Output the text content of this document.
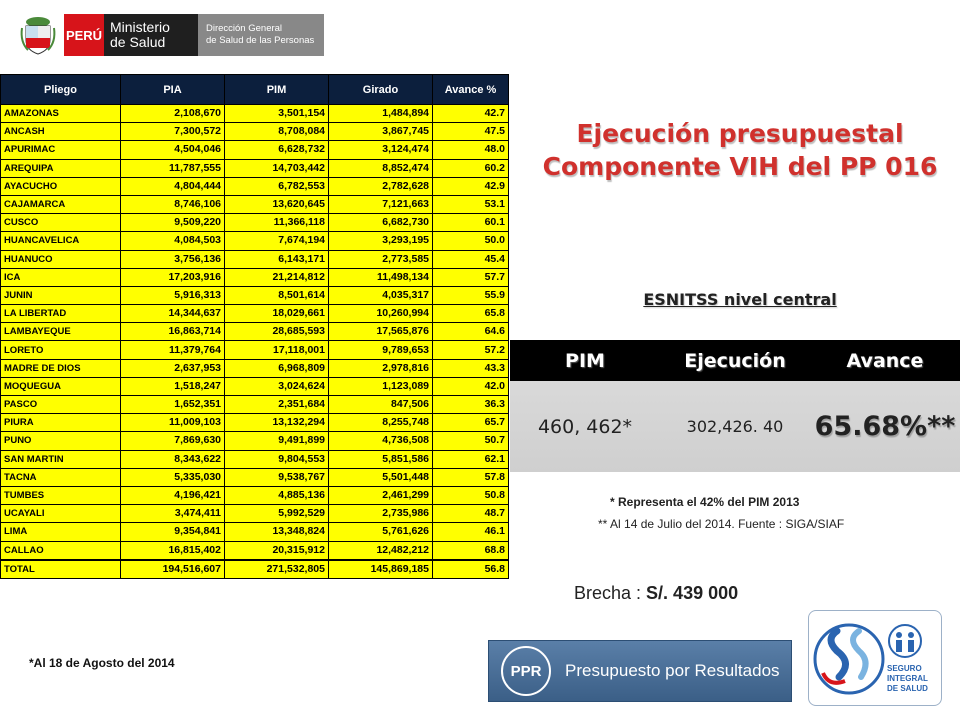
PERÚ Ministerio
de Salud
Dirección General
de Salud de las Personas
Pliego	PIA	PIM	Girado	Avance %
AMAZONAS	2,108,670	3,501,154	1,484,894	42.7
ANCASH	7,300,572	8,708,084	3,867,745	47.5
APURIMAC	4,504,046	6,628,732	3,124,474	48.0
AREQUIPA	11,787,555	14,703,442	8,852,474	60.2
AYACUCHO	4,804,444	6,782,553	2,782,628	42.9
CAJAMARCA	8,746,106	13,620,645	7,121,663	53.1
CUSCO	9,509,220	11,366,118	6,682,730	60.1
HUANCAVELICA	4,084,503	7,674,194	3,293,195	50.0
HUANUCO	3,756,136	6,143,171	2,773,585	45.4
ICA	17,203,916	21,214,812	11,498,134	57.7
JUNIN	5,916,313	8,501,614	4,035,317	55.9
LA LIBERTAD	14,344,637	18,029,661	10,260,994	65.8
LAMBAYEQUE	16,863,714	28,685,593	17,565,876	64.6
LORETO	11,379,764	17,118,001	9,789,653	57.2
MADRE DE DIOS	2,637,953	6,968,809	2,978,816	43.3
MOQUEGUA	1,518,247	3,024,624	1,123,089	42.0
PASCO	1,652,351	2,351,684	847,506	36.3
PIURA	11,009,103	13,132,294	8,255,748	65.7
PUNO	7,869,630	9,491,899	4,736,508	50.7
SAN MARTIN	8,343,622	9,804,553	5,851,586	62.1
TACNA	5,335,030	9,538,767	5,501,448	57.8
TUMBES	4,196,421	4,885,136	2,461,299	50.8
UCAYALI	3,474,411	5,992,529	2,735,986	48.7
LIMA	9,354,841	13,348,824	5,761,626	46.1
CALLAO	16,815,402	20,315,912	12,482,212	68.8
TOTAL	194,516,607	271,532,805	145,869,185	56.8
*Al 18 de Agosto del 2014
Ejecución presupuestal
Componente VIH del PP 016
ESNITSS nivel central
PIM	Ejecución	Avance
460, 462*	302,426. 40	65.68%**
* Representa el 42% del PIM 2013
** Al 14 de Julio del 2014. Fuente : SIGA/SIAF
Brecha : S/. 439 000
PPR	Presupuesto por Resultados	SEGURO
INTEGRAL
DE SALUD
